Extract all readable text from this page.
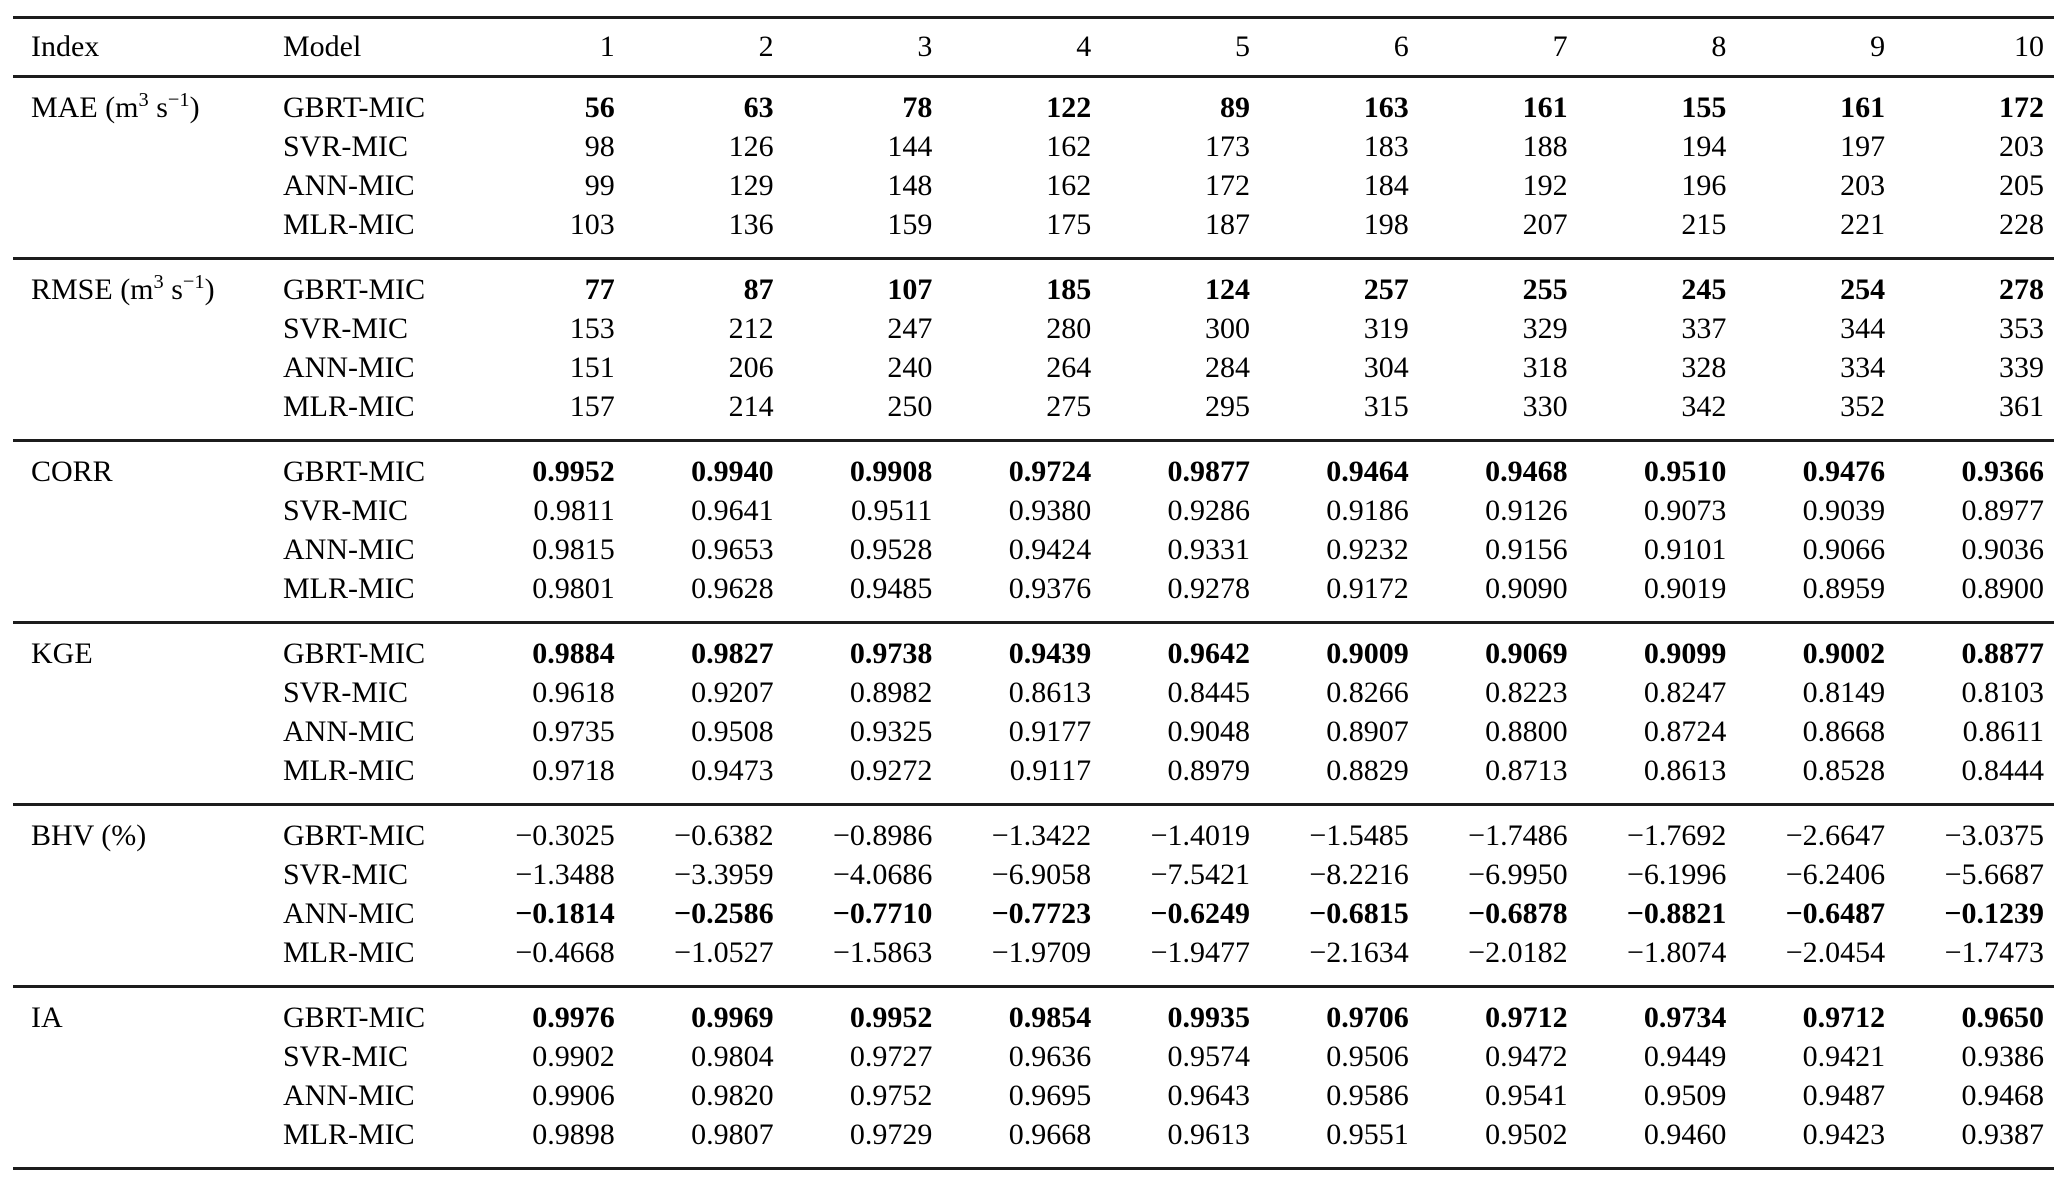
Index	Model	1	2	3	4	5	6	7	8	9	10
MAE ($m^3$ $s^{-1}$)	GBRT-MIC	56	63	78	122	89	163	161	155	161	172
	SVR-MIC	98	126	144	162	173	183	188	194	197	203
	ANN-MIC	99	129	148	162	172	184	192	196	203	205
	MLR-MIC	103	136	159	175	187	198	207	215	221	228
RMSE ($m^3$ $s^{-1}$)	GBRT-MIC	77	87	107	185	124	257	255	245	254	278
	SVR-MIC	153	212	247	280	300	319	329	337	344	353
	ANN-MIC	151	206	240	264	284	304	318	328	334	339
	MLR-MIC	157	214	250	275	295	315	330	342	352	361
CORR	GBRT-MIC	0.9952	0.9940	0.9908	0.9724	0.9877	0.9464	0.9468	0.9510	0.9476	0.9366
	SVR-MIC	0.9811	0.9641	0.9511	0.9380	0.9286	0.9186	0.9126	0.9073	0.9039	0.8977
	ANN-MIC	0.9815	0.9653	0.9528	0.9424	0.9331	0.9232	0.9156	0.9101	0.9066	0.9036
	MLR-MIC	0.9801	0.9628	0.9485	0.9376	0.9278	0.9172	0.9090	0.9019	0.8959	0.8900
KGE	GBRT-MIC	0.9884	0.9827	0.9738	0.9439	0.9642	0.9009	0.9069	0.9099	0.9002	0.8877
	SVR-MIC	0.9618	0.9207	0.8982	0.8613	0.8445	0.8266	0.8223	0.8247	0.8149	0.8103
	ANN-MIC	0.9735	0.9508	0.9325	0.9177	0.9048	0.8907	0.8800	0.8724	0.8668	0.8611
	MLR-MIC	0.9718	0.9473	0.9272	0.9117	0.8979	0.8829	0.8713	0.8613	0.8528	0.8444
BHV (%)	GBRT-MIC	−0.3025	−0.6382	−0.8986	−1.3422	−1.4019	−1.5485	−1.7486	−1.7692	−2.6647	−3.0375
	SVR-MIC	−1.3488	−3.3959	−4.0686	−6.9058	−7.5421	−8.2216	−6.9950	−6.1996	−6.2406	−5.6687
	ANN-MIC	−0.1814	−0.2586	−0.7710	−0.7723	−0.6249	−0.6815	−0.6878	−0.8821	−0.6487	−0.1239
	MLR-MIC	−0.4668	−1.0527	−1.5863	−1.9709	−1.9477	−2.1634	−2.0182	−1.8074	−2.0454	−1.7473
IA	GBRT-MIC	0.9976	0.9969	0.9952	0.9854	0.9935	0.9706	0.9712	0.9734	0.9712	0.9650
	SVR-MIC	0.9902	0.9804	0.9727	0.9636	0.9574	0.9506	0.9472	0.9449	0.9421	0.9386
	ANN-MIC	0.9906	0.9820	0.9752	0.9695	0.9643	0.9586	0.9541	0.9509	0.9487	0.9468
	MLR-MIC	0.9898	0.9807	0.9729	0.9668	0.9613	0.9551	0.9502	0.9460	0.9423	0.9387
